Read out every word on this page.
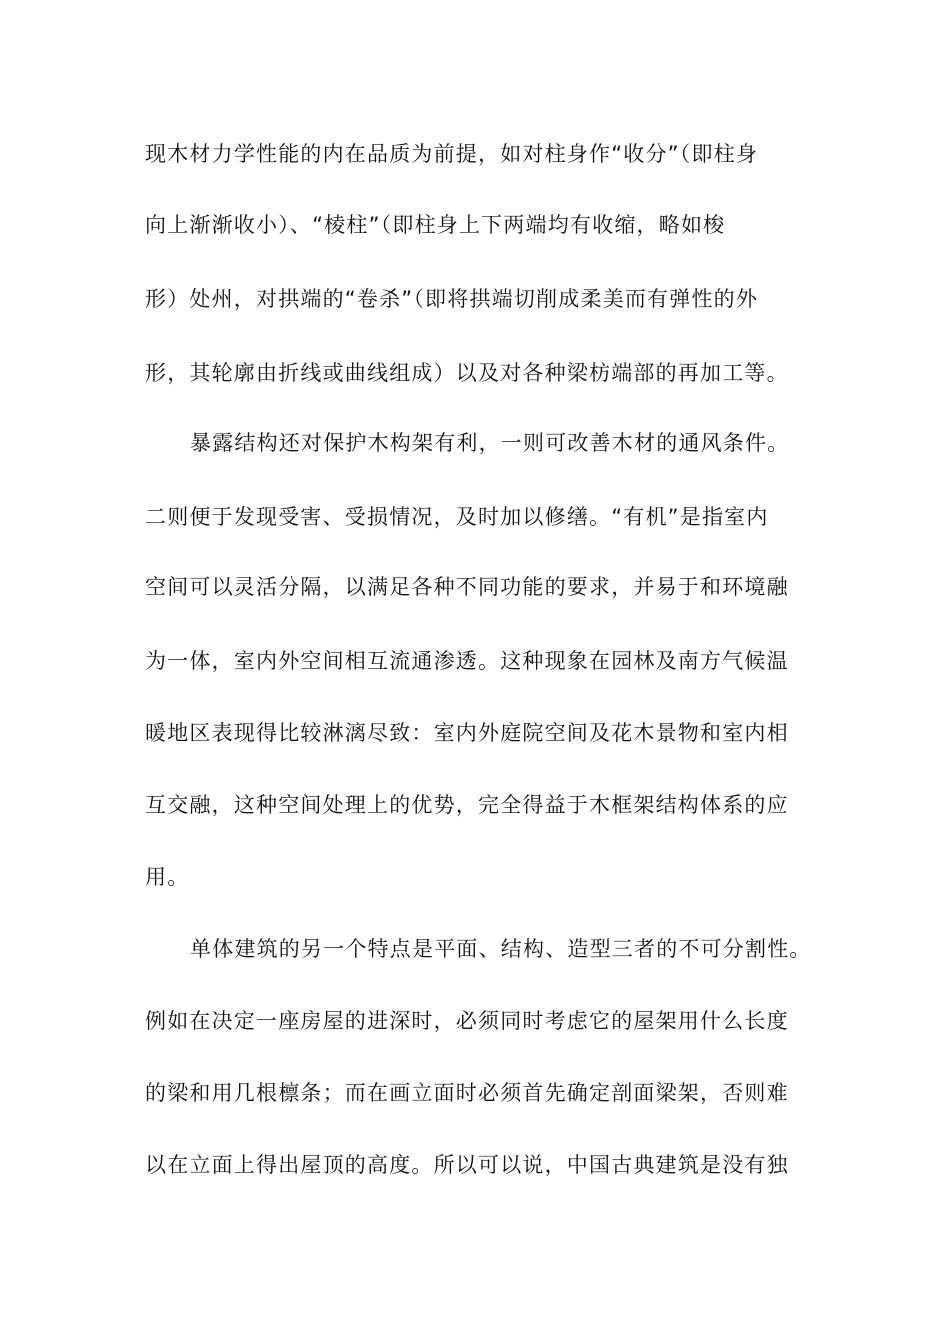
现木材力学性能的内在品质为前提，如对柱身作“收分”（即柱身
向上渐渐收小）、“棱柱”（即柱身上下两端均有收缩，略如梭
形）处州，对拱端的“卷杀”（即将拱端切削成柔美而有弹性的外
形，其轮廓由折线或曲线组成）以及对各种梁枋端部的再加工等。
暴露结构还对保护木构架有利，一则可改善木材的通风条件。
二则便于发现受害、受损情况，及时加以修缮。“有机”是指室内
空间可以灵活分隔，以满足各种不同功能的要求，并易于和环境融
为一体，室内外空间相互流通渗透。这种现象在园林及南方气候温
暖地区表现得比较淋漓尽致：室内外庭院空间及花木景物和室内相
互交融，这种空间处理上的优势，完全得益于木框架结构体系的应
用。
单体建筑的另一个特点是平面、结构、造型三者的不可分割性。
例如在决定一座房屋的进深时，必须同时考虑它的屋架用什么长度
的梁和用几根檩条；而在画立面时必须首先确定剖面梁架，否则难
以在立面上得出屋顶的高度。所以可以说，中国古典建筑是没有独
